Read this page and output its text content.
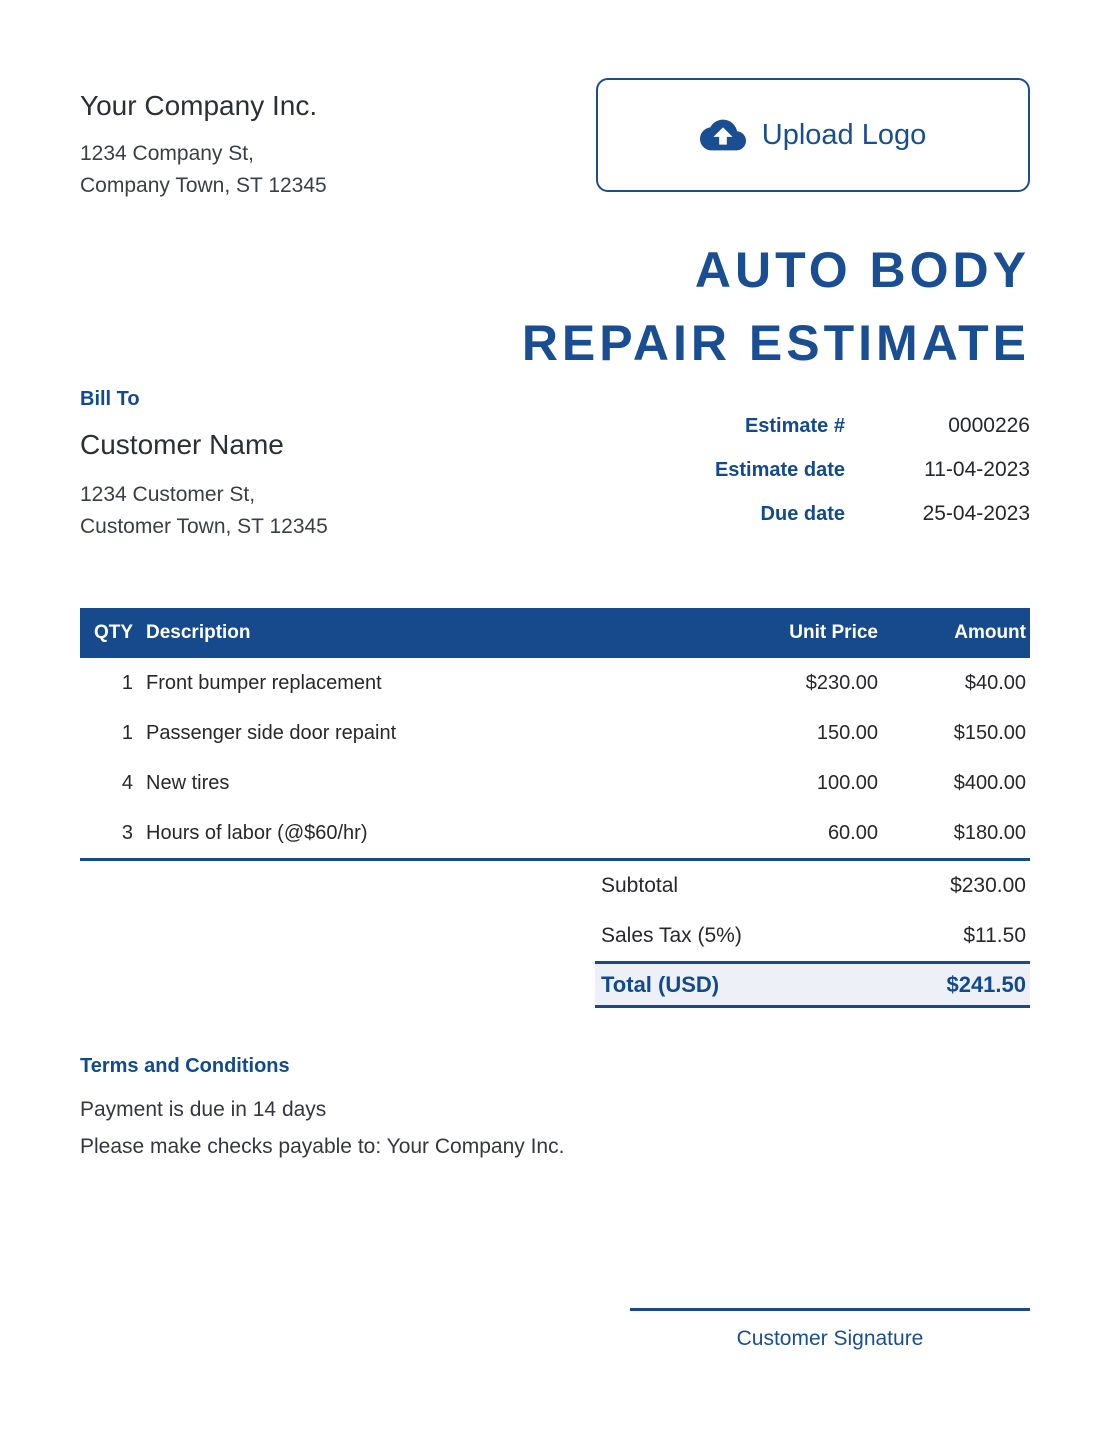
Your Company Inc.
1234 Company St,
Company Town, ST 12345
Upload Logo
AUTO BODY
REPAIR ESTIMATE
Bill To
Customer Name
1234 Customer St,
Customer Town, ST 12345
Estimate #	0000226
Estimate date	11-04-2023
Due date	25-04-2023
QTY Description	Unit Price	Amount
1 Front bumper replacement	$230.00	$40.00
1 Passenger side door repaint	150.00	$150.00
4 New tires	100.00	$400.00
3 Hours of labor (@$60/hr)	60.00	$180.00
Subtotal	$230.00
Sales Tax (5%)	$11.50
Total (USD)	$241.50
Terms and Conditions
Payment is due in 14 days
Please make checks payable to: Your Company Inc.
Customer Signature
